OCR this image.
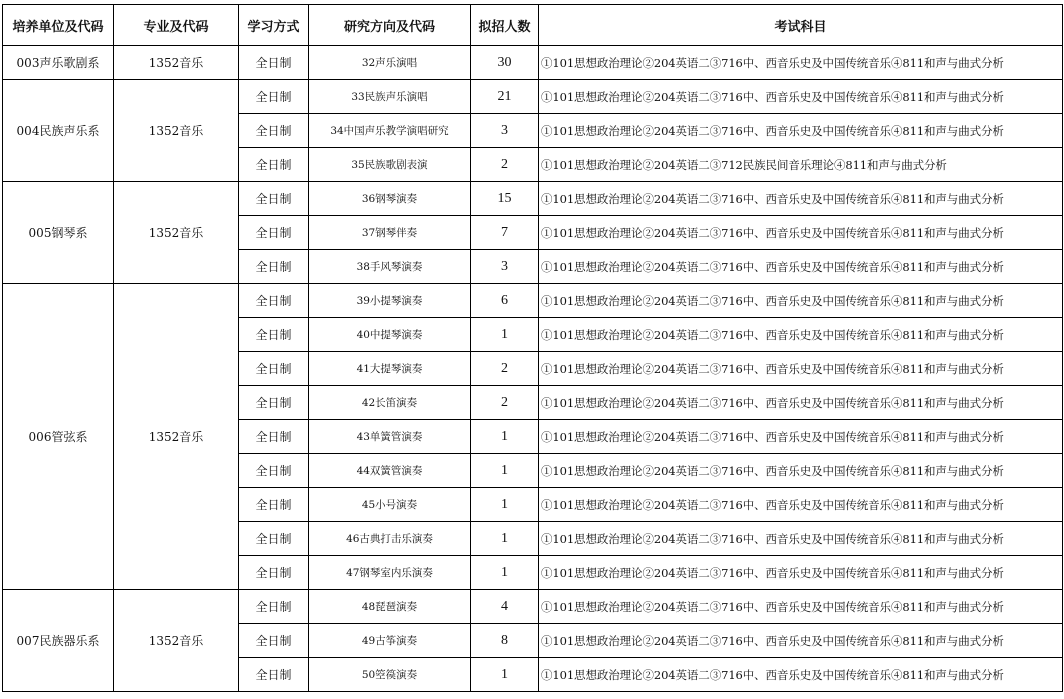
培养单位及代码	专业及代码	学习方式	研究方向及代码	拟招人数	考试科目
003声乐歌剧系	1352音乐	全日制	32声乐演唱	30	①101思想政治理论②204英语二③716中、西音乐史及中国传统音乐④811和声与曲式分析
004民族声乐系	1352音乐	全日制	33民族声乐演唱	21	①101思想政治理论②204英语二③716中、西音乐史及中国传统音乐④811和声与曲式分析
		全日制	34中国声乐教学演唱研究	3	①101思想政治理论②204英语二③716中、西音乐史及中国传统音乐④811和声与曲式分析
		全日制	35民族歌剧表演	2	①101思想政治理论②204英语二③712民族民间音乐理论④811和声与曲式分析
005钢琴系	1352音乐	全日制	36钢琴演奏	15	①101思想政治理论②204英语二③716中、西音乐史及中国传统音乐④811和声与曲式分析
		全日制	37钢琴伴奏	7	①101思想政治理论②204英语二③716中、西音乐史及中国传统音乐④811和声与曲式分析
		全日制	38手风琴演奏	3	①101思想政治理论②204英语二③716中、西音乐史及中国传统音乐④811和声与曲式分析
006管弦系	1352音乐	全日制	39小提琴演奏	6	①101思想政治理论②204英语二③716中、西音乐史及中国传统音乐④811和声与曲式分析
		全日制	40中提琴演奏	1	①101思想政治理论②204英语二③716中、西音乐史及中国传统音乐④811和声与曲式分析
		全日制	41大提琴演奏	2	①101思想政治理论②204英语二③716中、西音乐史及中国传统音乐④811和声与曲式分析
		全日制	42长笛演奏	2	①101思想政治理论②204英语二③716中、西音乐史及中国传统音乐④811和声与曲式分析
		全日制	43单簧管演奏	1	①101思想政治理论②204英语二③716中、西音乐史及中国传统音乐④811和声与曲式分析
		全日制	44双簧管演奏	1	①101思想政治理论②204英语二③716中、西音乐史及中国传统音乐④811和声与曲式分析
		全日制	45小号演奏	1	①101思想政治理论②204英语二③716中、西音乐史及中国传统音乐④811和声与曲式分析
		全日制	46古典打击乐演奏	1	①101思想政治理论②204英语二③716中、西音乐史及中国传统音乐④811和声与曲式分析
		全日制	47钢琴室内乐演奏	1	①101思想政治理论②204英语二③716中、西音乐史及中国传统音乐④811和声与曲式分析
007民族器乐系	1352音乐	全日制	48琵琶演奏	4	①101思想政治理论②204英语二③716中、西音乐史及中国传统音乐④811和声与曲式分析
		全日制	49古筝演奏	8	①101思想政治理论②204英语二③716中、西音乐史及中国传统音乐④811和声与曲式分析
		全日制	50箜篌演奏	1	①101思想政治理论②204英语二③716中、西音乐史及中国传统音乐④811和声与曲式分析
